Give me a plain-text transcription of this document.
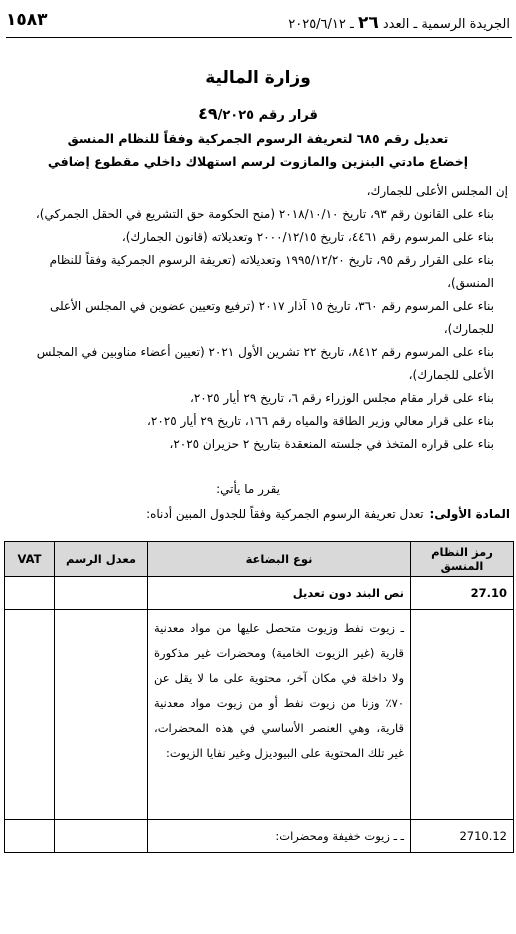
١٥٨٣	الجريدة الرسمية ـ العدد ٢٦ ـ ٢٠٢٥/٦/١٢
وزارة المالية
قرار رقم ٤٩/٢٠٢٥
تعديل رقم ٦٨٥ لتعريفة الرسوم الجمركية وفقاً للنظام المنسق
إخضاع مادتي البنزين والمازوت لرسم استهلاك داخلي مقطوع إضافي

إن المجلس الأعلى للجمارك،

بناء على القانون رقم ٩٣، تاريخ ٢٠١٨/١٠/١٠ (منح الحكومة حق التشريع في الحقل الجمركي)،

بناء على المرسوم رقم ٤٤٦١، تاريخ ٢٠٠٠/١٢/١٥ وتعديلاته (قانون الجمارك)،

بناء على القرار رقم ٩٥، تاريخ ١٩٩٥/١٢/٢٠ وتعديلاته (تعريفة الرسوم الجمركية وفقاً للنظام المنسق)،

بناء على المرسوم رقم ٣٦٠، تاريخ ١٥ آذار ٢٠١٧ (ترفيع وتعيين عضوين في المجلس الأعلى للجمارك)،

بناء على المرسوم رقم ٨٤١٢، تاريخ ٢٢ تشرين الأول ٢٠٢١ (تعيين أعضاء مناوبين في المجلس الأعلى للجمارك)،

بناء على قرار مقام مجلس الوزراء رقم ٦، تاريخ ٢٩ أيار ٢٠٢٥،

بناء على قرار معالي وزير الطاقة والمياه رقم ١٦٦، تاريخ ٢٩ أيار ٢٠٢٥،

بناء على قراره المتخذ في جلسته المنعقدة بتاريخ ٢ حزيران ٢٠٢٥،

يقرر ما يأتي:
المادة الأولى: تعدل تعريفة الرسوم الجمركية وفقاً للجدول المبين أدناه:
رمز النظام المنسق	نوع البضاعة	معدل الرسم	VAT
27.10	نص البند دون تعديل		
	ـ زيوت نفط وزيوت متحصل عليها من مواد معدنية قارية (غير الزيوت الخامية) ومحضرات غير مذكورة ولا داخلة في مكان آخر، محتوية على ما لا يقل عن ٧٠٪ وزنا من زيوت نفط أو من زيوت مواد معدنية قارية، وهي العنصر الأساسي في هذه المحضرات، غير تلك المحتوية على البيوديزل وغير نفايا الزيوت:		
2710.12	ـ ـ زيوت خفيفة ومحضرات:		
